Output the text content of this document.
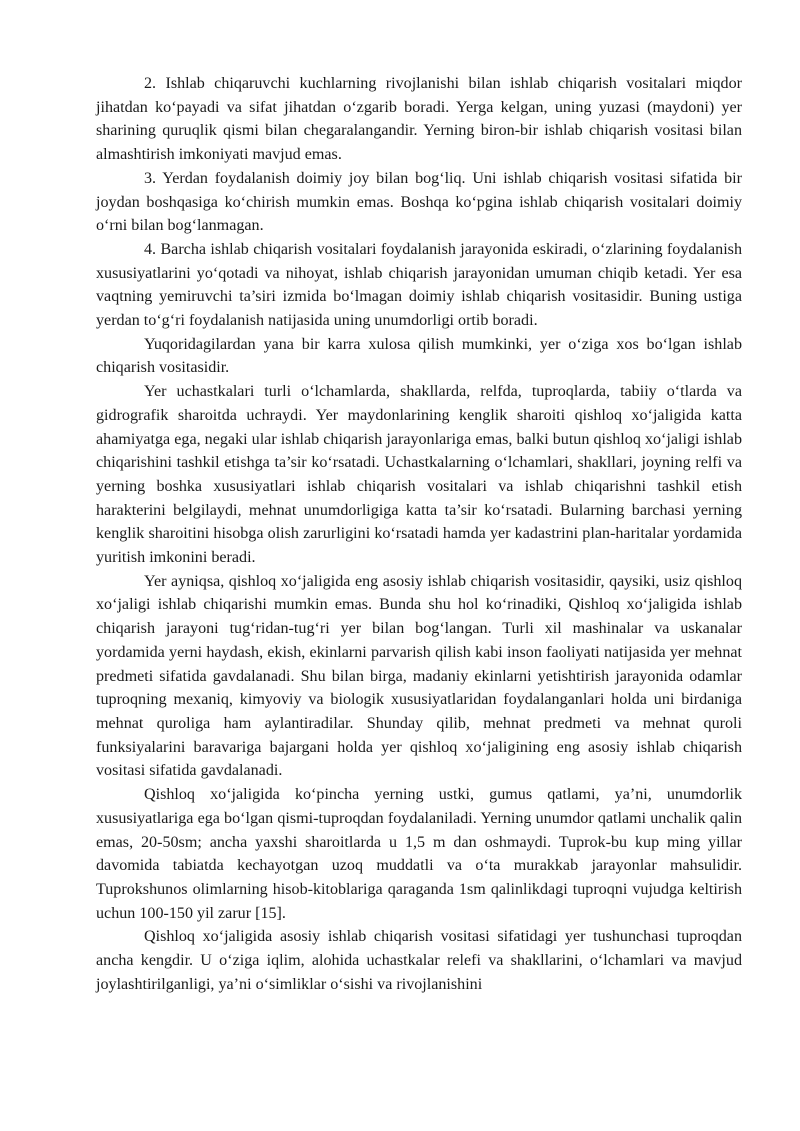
2. Ishlab chiqaruvchi kuchlarning rivojlanishi bilan ishlab chiqarish vositalari miqdor jihatdan ko‘payadi va sifat jihatdan o‘zgarib boradi. Yerga kelgan, uning yuzasi (maydoni) yer sharining quruqlik qismi bilan chegaralangandir. Yerning biron-bir ishlab chiqarish vositasi bilan almashtirish imkoniyati mavjud emas.

3. Yerdan foydalanish doimiy joy bilan bog‘liq. Uni ishlab chiqarish vositasi sifatida bir joydan boshqasiga ko‘chirish mumkin emas. Boshqa ko‘pgina ishlab chiqarish vositalari doimiy o‘rni bilan bog‘lanmagan.

4. Barcha ishlab chiqarish vositalari foydalanish jarayonida eskiradi, o‘zlarining foydalanish xususiyatlarini yo‘qotadi va nihoyat, ishlab chiqarish jarayonidan umuman chiqib ketadi. Yer esa vaqtning yemiruvchi ta’siri izmida bo‘lmagan doimiy ishlab chiqarish vositasidir. Buning ustiga yerdan to‘g‘ri foydalanish natijasida uning unumdorligi ortib boradi.

Yuqoridagilardan yana bir karra xulosa qilish mumkinki, yer o‘ziga xos bo‘lgan ishlab chiqarish vositasidir.

Yer uchastkalari turli o‘lchamlarda, shakllarda, relfda, tuproqlarda, tabiiy o‘tlarda va gidrografik sharoitda uchraydi. Yer maydonlarining kenglik sharoiti qishloq xo‘jaligida katta ahamiyatga ega, negaki ular ishlab chiqarish jarayonlariga emas, balki butun qishloq xo‘jaligi ishlab chiqarishini tashkil etishga ta’sir ko‘rsatadi. Uchastkalarning o‘lchamlari, shakllari, joyning relfi va yerning boshka xususiyatlari ishlab chiqarish vositalari va ishlab chiqarishni tashkil etish harakterini belgilaydi, mehnat unumdorligiga katta ta’sir ko‘rsatadi. Bularning barchasi yerning kenglik sharoitini hisobga olish zarurligini ko‘rsatadi hamda yer kadastrini plan-haritalar yordamida yuritish imkonini beradi.

Yer ayniqsa, qishloq xo‘jaligida eng asosiy ishlab chiqarish vositasidir, qaysiki, usiz qishloq xo‘jaligi ishlab chiqarishi mumkin emas. Bunda shu hol ko‘rinadiki, Qishloq xo‘jaligida ishlab chiqarish jarayoni tug‘ridan-tug‘ri yer bilan bog‘langan. Turli xil mashinalar va uskanalar yordamida yerni haydash, ekish, ekinlarni parvarish qilish kabi inson faoliyati natijasida yer mehnat predmeti sifatida gavdalanadi. Shu bilan birga, madaniy ekinlarni yetishtirish jarayonida odamlar tuproqning mexaniq, kimyoviy va biologik xususiyatlaridan foydalanganlari holda uni birdaniga mehnat quroliga ham aylantiradilar. Shunday qilib, mehnat predmeti va mehnat quroli funksiyalarini baravariga bajargani holda yer qishloq xo‘jaligining eng asosiy ishlab chiqarish vositasi sifatida gavdalanadi.

Qishloq xo‘jaligida ko‘pincha yerning ustki, gumus qatlami, ya’ni, unumdorlik xususiyatlariga ega bo‘lgan qismi-tuproqdan foydalaniladi. Yerning unumdor qatlami unchalik qalin emas, 20-50sm; ancha yaxshi sharoitlarda u 1,5 m dan oshmaydi. Tuprok-bu kup ming yillar davomida tabiatda kechayotgan uzoq muddatli va o‘ta murakkab jarayonlar mahsulidir. Tuprokshunos olimlarning hisob-kitoblariga qaraganda 1sm qalinlikdagi tuproqni vujudga keltirish uchun 100-150 yil zarur [15].

Qishloq xo‘jaligida asosiy ishlab chiqarish vositasi sifatidagi yer tushunchasi tuproqdan ancha kengdir. U o‘ziga iqlim, alohida uchastkalar relefi va shakllarini, o‘lchamlari va mavjud joylashtirilganligi, ya’ni o‘simliklar o‘sishi va rivojlanishini
